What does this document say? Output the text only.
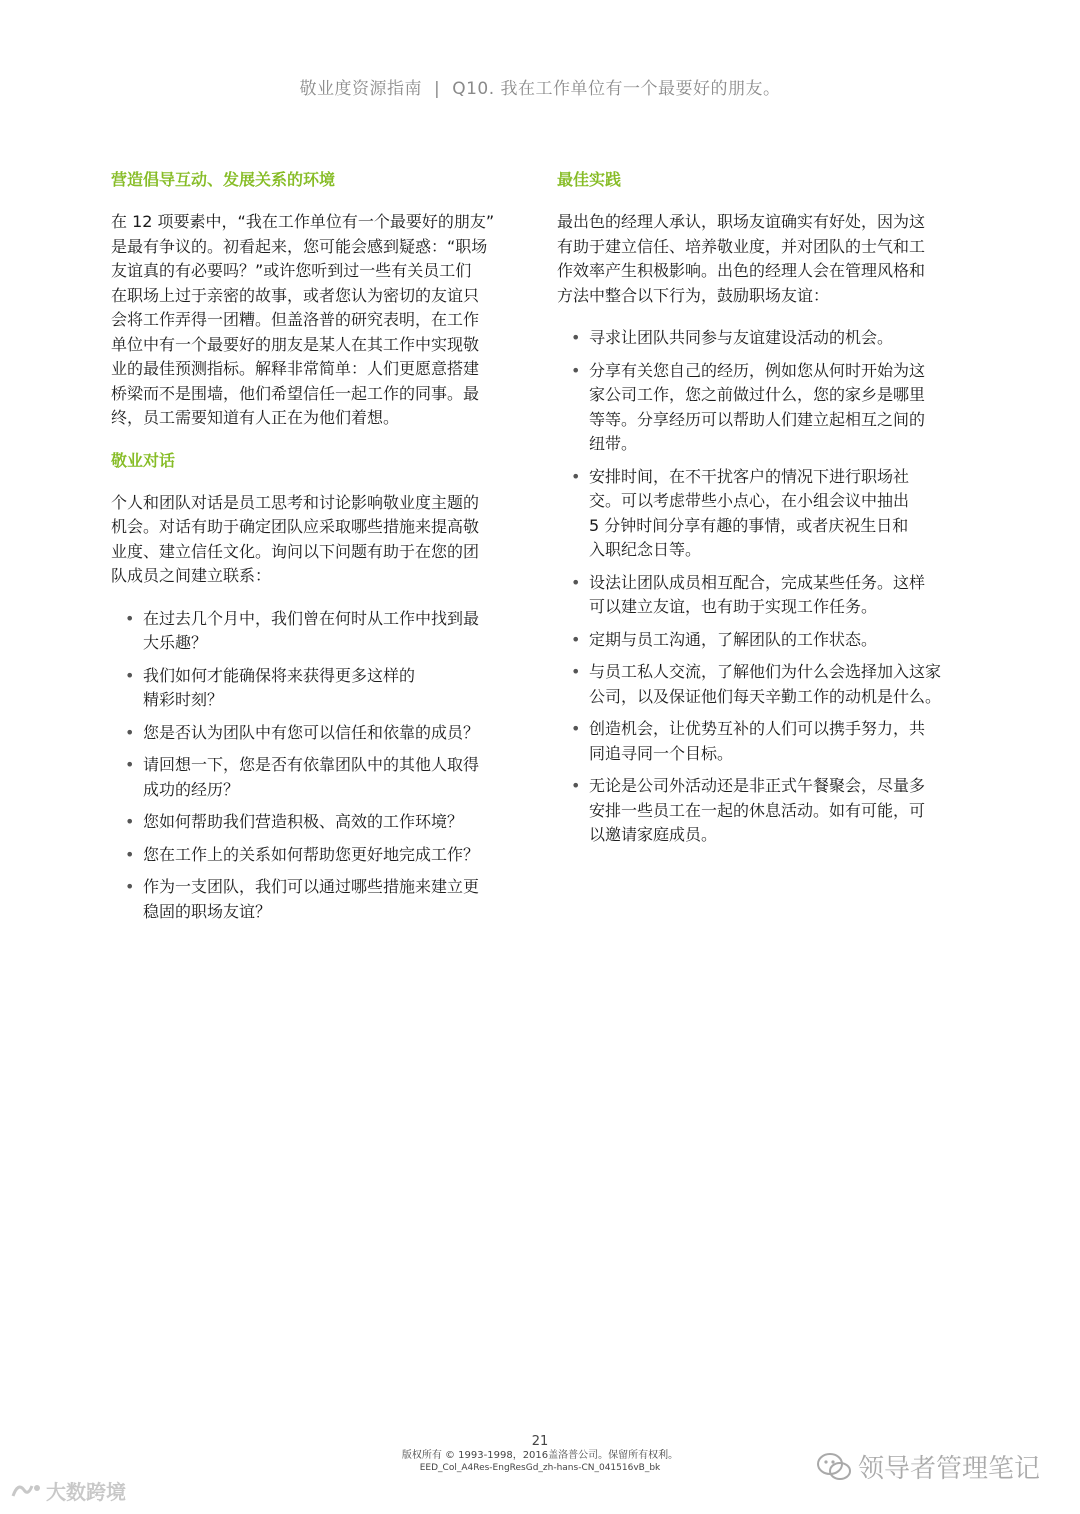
敬业度资源指南 | Q10. 我在工作单位有一个最要好的朋友。
营造倡导互动、发展关系的环境
在 12 项要素中，“我在工作单位有一个最要好的朋友”
是最有争议的。初看起来，您可能会感到疑惑：“职场
友谊真的有必要吗？”或许您听到过一些有关员工们
在职场上过于亲密的故事，或者您认为密切的友谊只
会将工作弄得一团糟。但盖洛普的研究表明，在工作
单位中有一个最要好的朋友是某人在其工作中实现敬
业的最佳预测指标。解释非常简单：人们更愿意搭建
桥梁而不是围墙，他们希望信任一起工作的同事。最
终，员工需要知道有人正在为他们着想。
敬业对话
个人和团队对话是员工思考和讨论影响敬业度主题的
机会。对话有助于确定团队应采取哪些措施来提高敬
业度、建立信任文化。询问以下问题有助于在您的团
队成员之间建立联系：
• 在过去几个月中，我们曾在何时从工作中找到最
大乐趣？
• 我们如何才能确保将来获得更多这样的
精彩时刻？
• 您是否认为团队中有您可以信任和依靠的成员？
• 请回想一下，您是否有依靠团队中的其他人取得
成功的经历？
• 您如何帮助我们营造积极、高效的工作环境？
• 您在工作上的关系如何帮助您更好地完成工作？
• 作为一支团队，我们可以通过哪些措施来建立更
稳固的职场友谊？
最佳实践
最出色的经理人承认，职场友谊确实有好处，因为这
有助于建立信任、培养敬业度，并对团队的士气和工
作效率产生积极影响。出色的经理人会在管理风格和
方法中整合以下行为，鼓励职场友谊：
• 寻求让团队共同参与友谊建设活动的机会。
• 分享有关您自己的经历，例如您从何时开始为这
家公司工作，您之前做过什么，您的家乡是哪里
等等。分享经历可以帮助人们建立起相互之间的
纽带。
• 安排时间，在不干扰客户的情况下进行职场社
交。可以考虑带些小点心，在小组会议中抽出
5 分钟时间分享有趣的事情，或者庆祝生日和
入职纪念日等。
• 设法让团队成员相互配合，完成某些任务。这样
可以建立友谊，也有助于实现工作任务。
• 定期与员工沟通，了解团队的工作状态。
• 与员工私人交流，了解他们为什么会选择加入这家
公司，以及保证他们每天辛勤工作的动机是什么。
• 创造机会，让优势互补的人们可以携手努力，共
同追寻同一个目标。
• 无论是公司外活动还是非正式午餐聚会，尽量多
安排一些员工在一起的休息活动。如有可能，可
以邀请家庭成员。
21
版权所有 © 1993-1998，2016盖洛普公司。保留所有权利。
EED_Col_A4Res-EngResGd_zh-hans-CN_041516vB_bk
大数跨境
领导者管理笔记
